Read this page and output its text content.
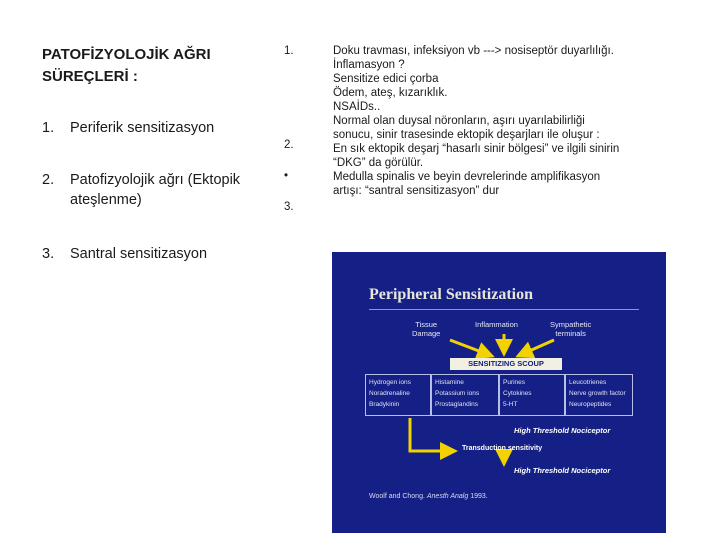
PATOFİZYOLOJİK AĞRI
SÜREÇLERİ :
1. Periferik sensitizasyon
2. Patofizyolojik ağrı (Ektopik
ateşlenme)
3. Santral sensitizasyon
1.
2.
•
3.
Doku travması, infeksiyon vb ---> nosiseptör duyarlılığı.
İnflamasyon ?
Sensitize edici çorba
Ödem, ateş, kızarıklık.
NSAİDs..
Normal olan duysal nöronların, aşırı uyarılabilirliği
sonucu, sinir trasesinde ektopik deşarjları ile oluşur :
En sık ektopik deşarj “hasarlı sinir bölgesi” ve ilgili sinirin
“DKG” da görülür.
Medulla spinalis ve beyin devrelerinde amplifikasyon
artışı: “santral sensitizasyon” dur
Peripheral Sensitization
Tissue
Damage
Inflammation	Sympathetic
terminals
SENSITIZING SCOUP
Hydrogen ions
Noradrenaline
Bradykinin
Histamine
Potassium ions
Prostaglandins
Purines
Cytokines
5-HT
Leucotrienes
Nerve growth factor
Neuropeptides
High Threshold Nociceptor
Transduction sensitivity
High Threshold Nociceptor
Woolf and Chong. Anesth Analg 1993.
